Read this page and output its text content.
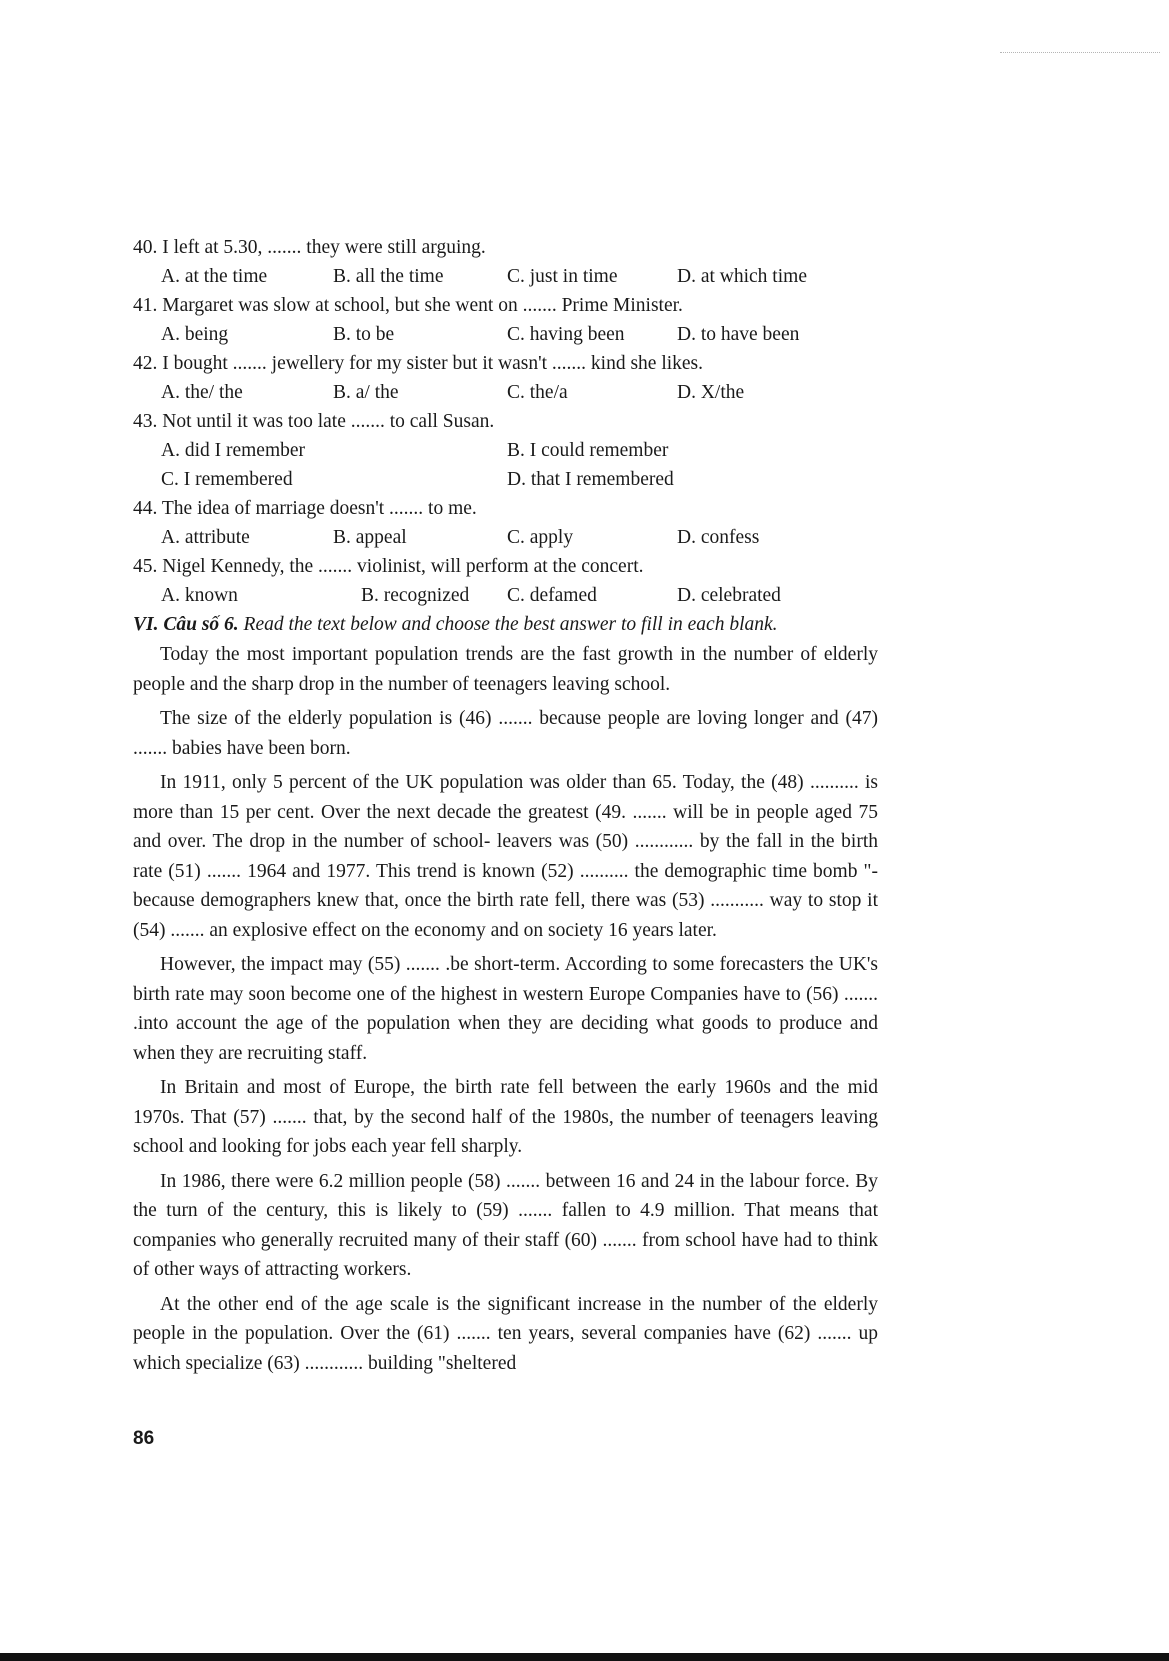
40. I left at 5.30, ....... they were still arguing.
A. at the time	B. all the time	C. just in time	D. at which time
41. Margaret was slow at school, but she went on ....... Prime Minister.
A. being	B. to be	C. having been	D. to have been
42. I bought ....... jewellery for my sister but it wasn't ....... kind she likes.
A. the/ the	B. a/ the	C. the/a	D. X/the
43. Not until it was too late ....... to call Susan.
A. did I remember	B. I could remember
C. I remembered	D. that I remembered
44. The idea of marriage doesn't ....... to me.
A. attribute	B. appeal	C. apply	D. confess
45. Nigel Kennedy, the ....... violinist, will perform at the concert.
A. known	B. recognized C. defamed	D. celebrated
VI. Câu số 6. Read the text below and choose the best answer to fill in each blank.

Today the most important population trends are the fast growth in the number of elderly people and the sharp drop in the number of teenagers leaving school.

The size of the elderly population is (46) ....... because people are loving longer and (47) ....... babies have been born.

In 1911, only 5 percent of the UK population was older than 65. Today, the (48) .......... is more than 15 per cent. Over the next decade the greatest (49. ....... will be in people aged 75 and over. The drop in the number of school- leavers was (50) ............ by the fall in the birth rate (51) ....... 1964 and 1977. This trend is known (52) .......... the demographic time bomb "- because demographers knew that, once the birth rate fell, there was (53) ........... way to stop it (54) ....... an explosive effect on the economy and on society 16 years later.

However, the impact may (55) ....... .be short-term. According to some forecasters the UK's birth rate may soon become one of the highest in western Europe Companies have to (56) ....... .into account the age of the population when they are deciding what goods to produce and when they are recruiting staff.

In Britain and most of Europe, the birth rate fell between the early 1960s and the mid 1970s. That (57) ....... that, by the second half of the 1980s, the number of teenagers leaving school and looking for jobs each year fell sharply.

In 1986, there were 6.2 million people (58) ....... between 16 and 24 in the labour force. By the turn of the century, this is likely to (59) ....... fallen to 4.9 million. That means that companies who generally recruited many of their staff (60) ....... from school have had to think of other ways of attracting workers.

At the other end of the age scale is the significant increase in the number of the elderly people in the population. Over the (61) ....... ten years, several companies have (62) ....... up which specialize (63) ............ building "sheltered

86
